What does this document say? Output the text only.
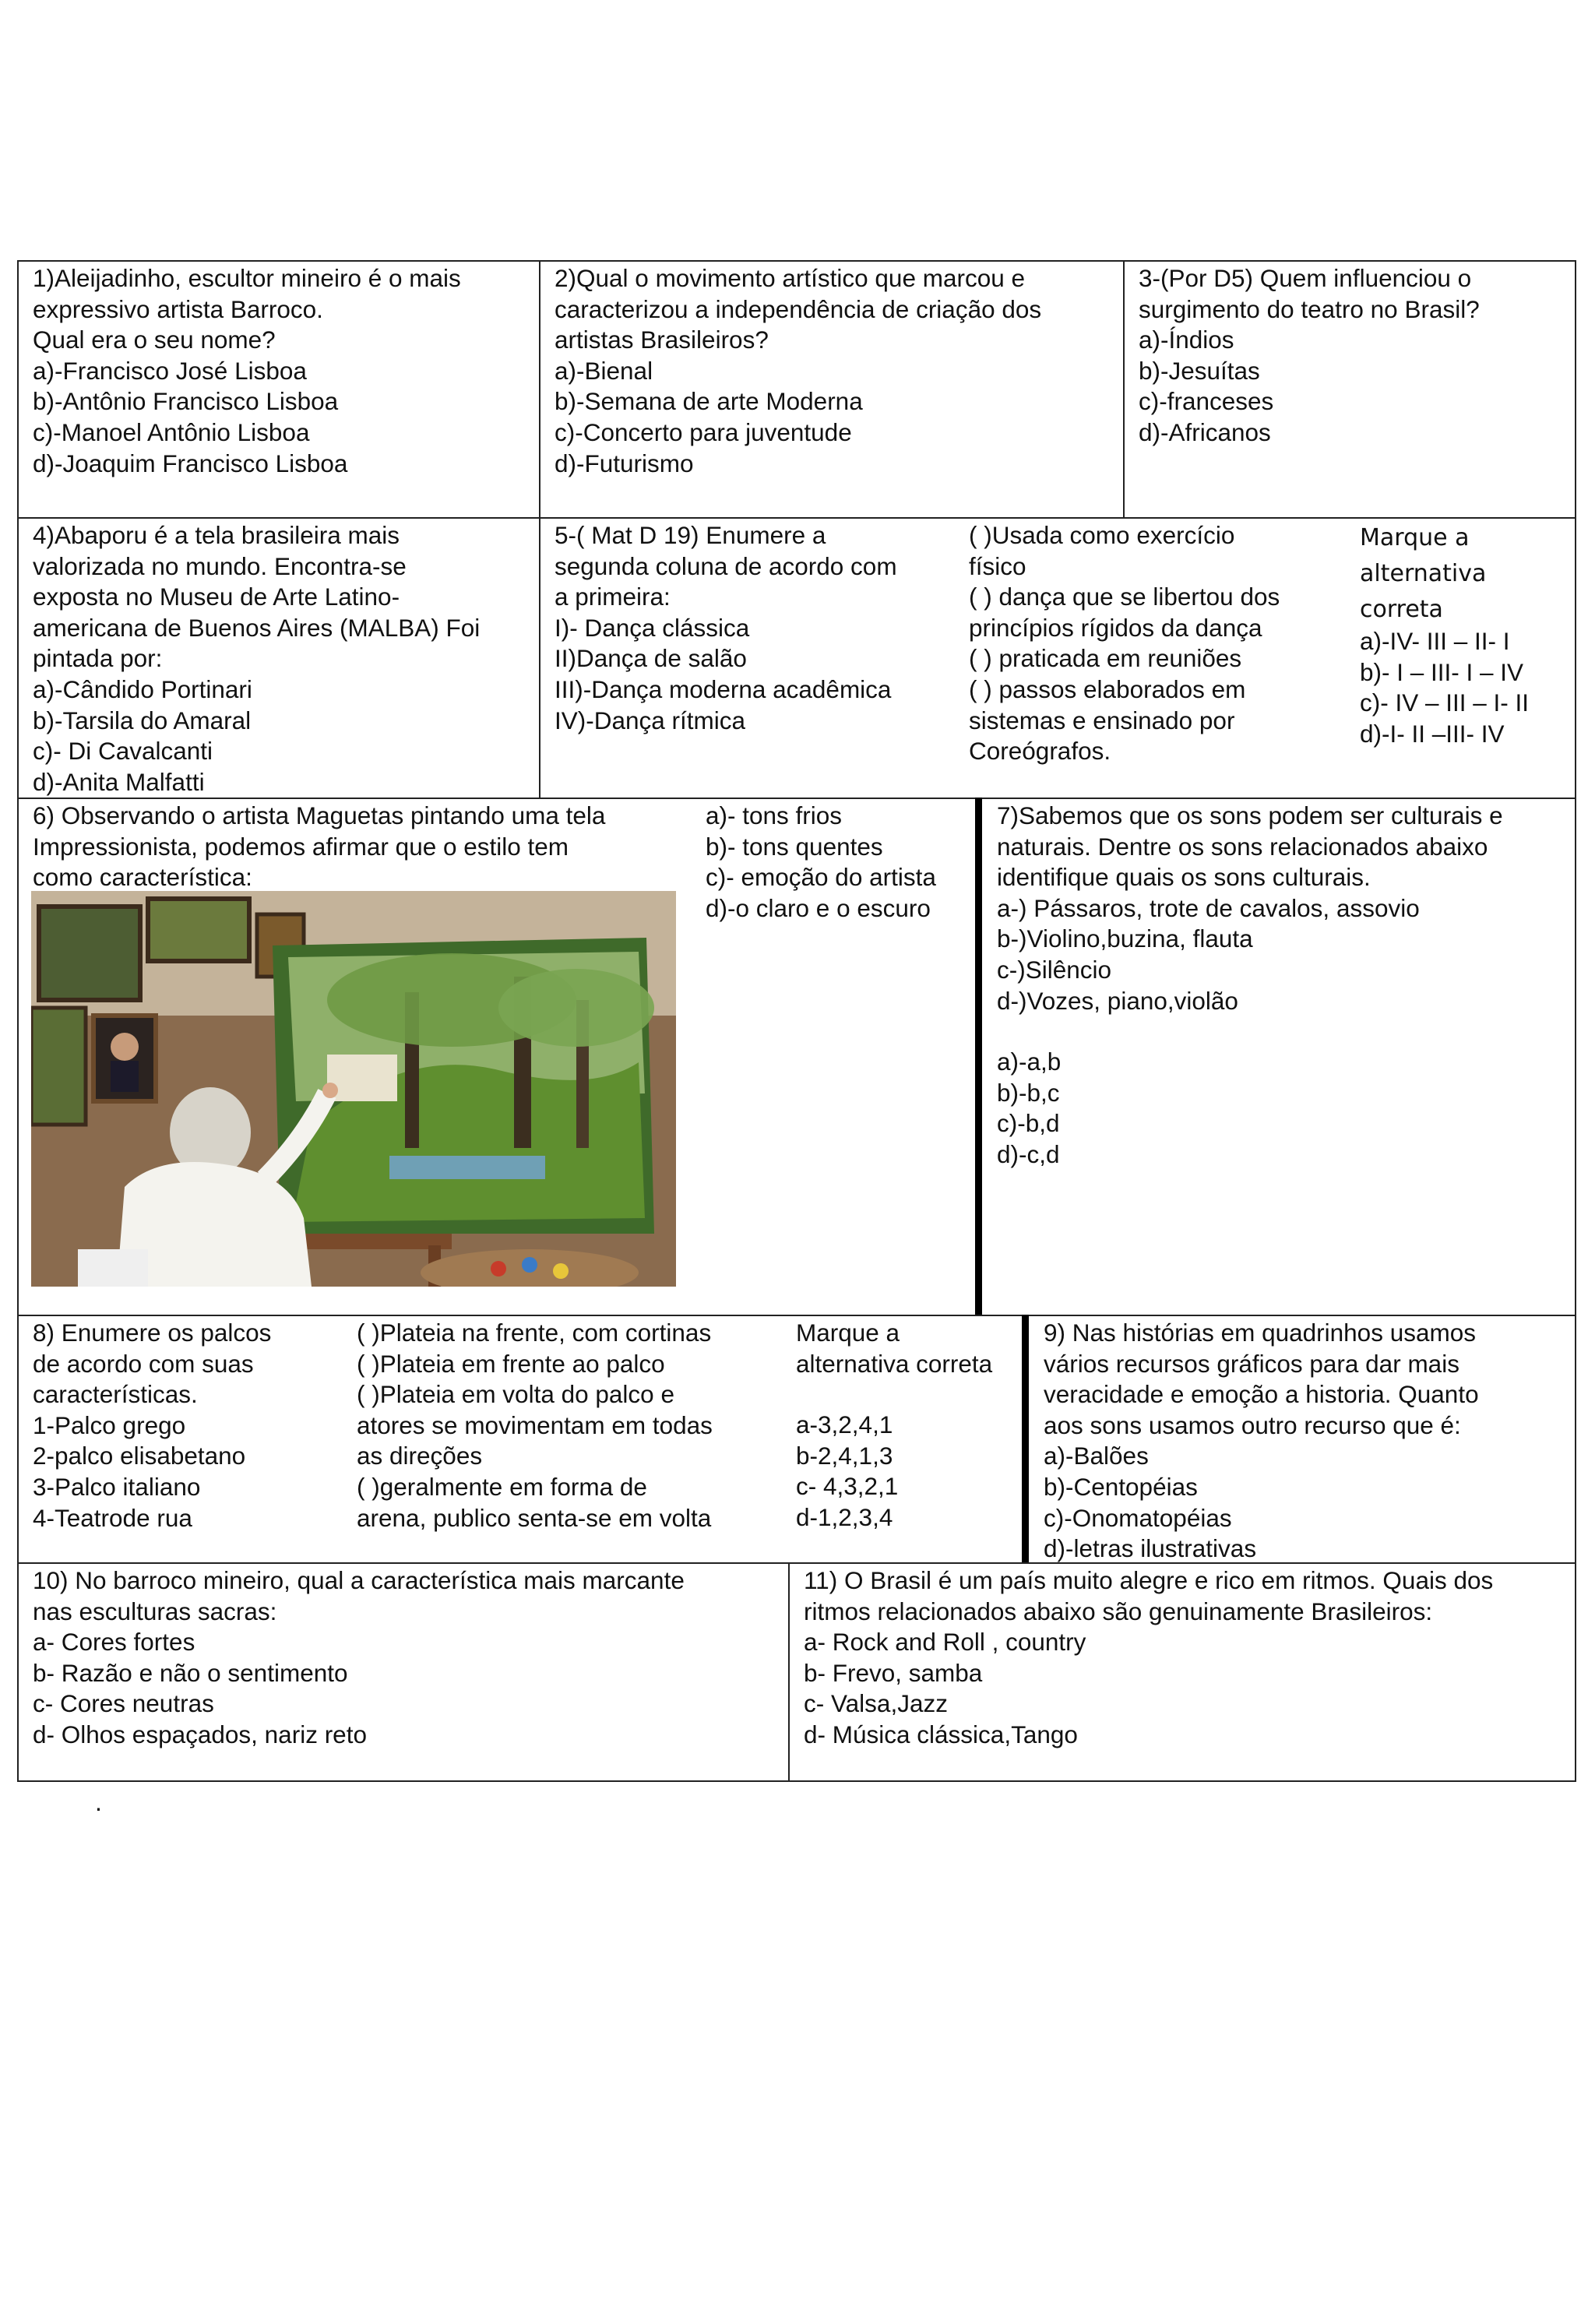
1)Aleijadinho, escultor mineiro é o mais
expressivo artista Barroco.
Qual era o seu nome?
a)-Francisco José Lisboa
b)-Antônio Francisco Lisboa
c)-Manoel Antônio Lisboa
d)-Joaquim Francisco Lisboa
2)Qual o movimento artístico que marcou e
caracterizou a independência de criação dos
artistas Brasileiros?
a)-Bienal
b)-Semana de arte Moderna
c)-Concerto para juventude
d)-Futurismo
3-(Por D5) Quem influenciou o
surgimento do teatro no Brasil?
a)-Índios
b)-Jesuítas
c)-franceses
d)-Africanos
4)Abaporu é a tela brasileira mais
valorizada no mundo. Encontra-se
exposta no Museu de Arte Latino-
americana de Buenos Aires (MALBA) Foi
pintada por:
a)-Cândido Portinari
b)-Tarsila do Amaral
c)- Di Cavalcanti
d)-Anita Malfatti
5-( Mat D 19) Enumere a
segunda coluna de acordo com
a primeira:
I)- Dança clássica
II)Dança de salão
III)-Dança moderna acadêmica
IV)-Dança rítmica
( )Usada como exercício
físico
( ) dança que se libertou dos
princípios rígidos da dança
( ) praticada em reuniões
( ) passos elaborados em
sistemas e ensinado por
Coreógrafos.
Marque a
alternativa
correta
a)-IV- III – II- I
b)- I – III- I – IV
c)- IV – III – I- II
d)-I- II –III- IV
6) Observando o artista Maguetas pintando uma tela
Impressionista, podemos afirmar que o estilo tem
como característica:
a)- tons frios
b)- tons quentes
c)- emoção do artista
d)-o claro e o escuro
7)Sabemos que os sons podem ser culturais e
naturais. Dentre os sons relacionados abaixo
identifique quais os sons culturais.
a-) Pássaros, trote de cavalos, assovio
b-)Violino,buzina, flauta
c-)Silêncio
d-)Vozes, piano,violão
a)-a,b
b)-b,c
c)-b,d
d)-c,d
8) Enumere os palcos
de acordo com suas
características.
1-Palco grego
2-palco elisabetano
3-Palco italiano
4-Teatrode rua
( )Plateia na frente, com cortinas
( )Plateia em frente ao palco
( )Plateia em volta do palco e
atores se movimentam em todas
as direções
( )geralmente em forma de
arena, publico senta-se em volta
Marque a
alternativa correta
a-3,2,4,1
b-2,4,1,3
c- 4,3,2,1
d-1,2,3,4
9) Nas histórias em quadrinhos usamos
vários recursos gráficos para dar mais
veracidade e emoção a historia. Quanto
aos sons usamos outro recurso que é:
a)-Balões
b)-Centopéias
c)-Onomatopéias
d)-letras ilustrativas
10) No barroco mineiro, qual a característica mais marcante
nas esculturas sacras:
a- Cores fortes
b- Razão e não o sentimento
c- Cores neutras
d- Olhos espaçados, nariz reto
11) O Brasil é um país muito alegre e rico em ritmos. Quais dos
ritmos relacionados abaixo são genuinamente Brasileiros:
a- Rock and Roll , country
b- Frevo, samba
c- Valsa,Jazz
d- Música clássica,Tango
.
